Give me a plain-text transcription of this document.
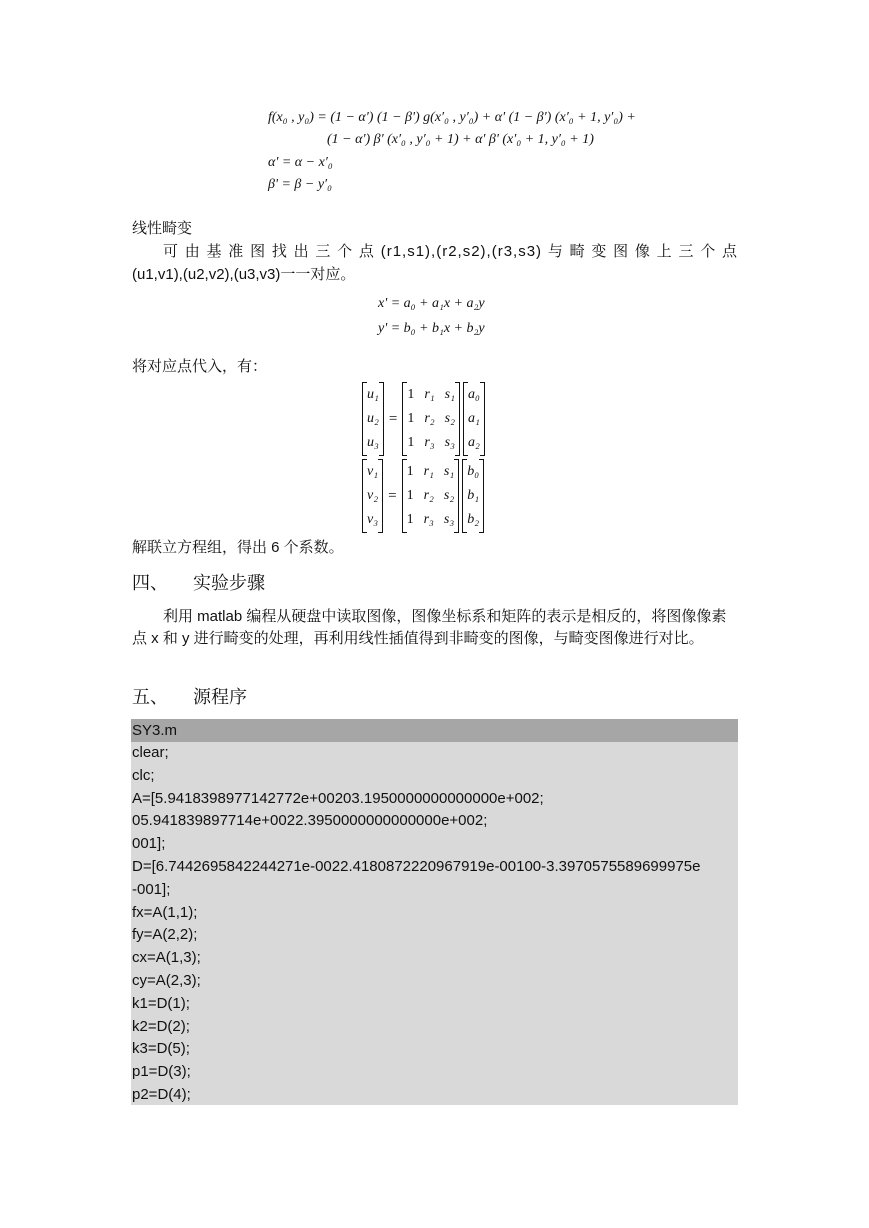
f(x₀ , y₀) = (1 − α') (1 − β') g(x′₀ , y′₀) + α' (1 − β') (x′₀ + 1, y′₀) +
(1 − α') β' (x′₀ , y′₀ + 1) + α' β' (x′₀ + 1, y′₀ + 1)
α' = α − x′₀
β' = β − y′₀
线性畸变
可由基准图找出三个点(r1,s1),(r2,s2),(r3,s3)与畸变图像上三个点
(u1,v1),(u2,v2),(u3,v3)一一对应。
x' = a₀ + a₁x + a₂y
y' = b₀ + b₁x + b₂y
将对应点代入，有：
u₁
u₂
u₃
=
1 r₁ s₁
1 r₂ s₂
1 r₃ s₃
a₀
a₁
a₂
v₁
v₂
v₃
=
1 r₁ s₁
1 r₂ s₂
1 r₃ s₃
b₀
b₁
b₂
解联立方程组，得出 6 个系数。
四、 实验步骤
利用 matlab 编程从硬盘中读取图像，图像坐标系和矩阵的表示是相反的，将图像像素点 x 和 y 进行畸变的处理，再利用线性插值得到非畸变的图像，与畸变图像进行对比。
五、 源程序
SY3.m
clear;
clc;
A=[5.9418398977142772e+00203.1950000000000000e+002;
05.941839897714e+0022.3950000000000000e+002;
001];
D=[6.7442695842244271e-0022.4180872220967919e-00100-3.3970575589699975e
-001];
fx=A(1,1);
fy=A(2,2);
cx=A(1,3);
cy=A(2,3);
k1=D(1);
k2=D(2);
k3=D(5);
p1=D(3);
p2=D(4);
